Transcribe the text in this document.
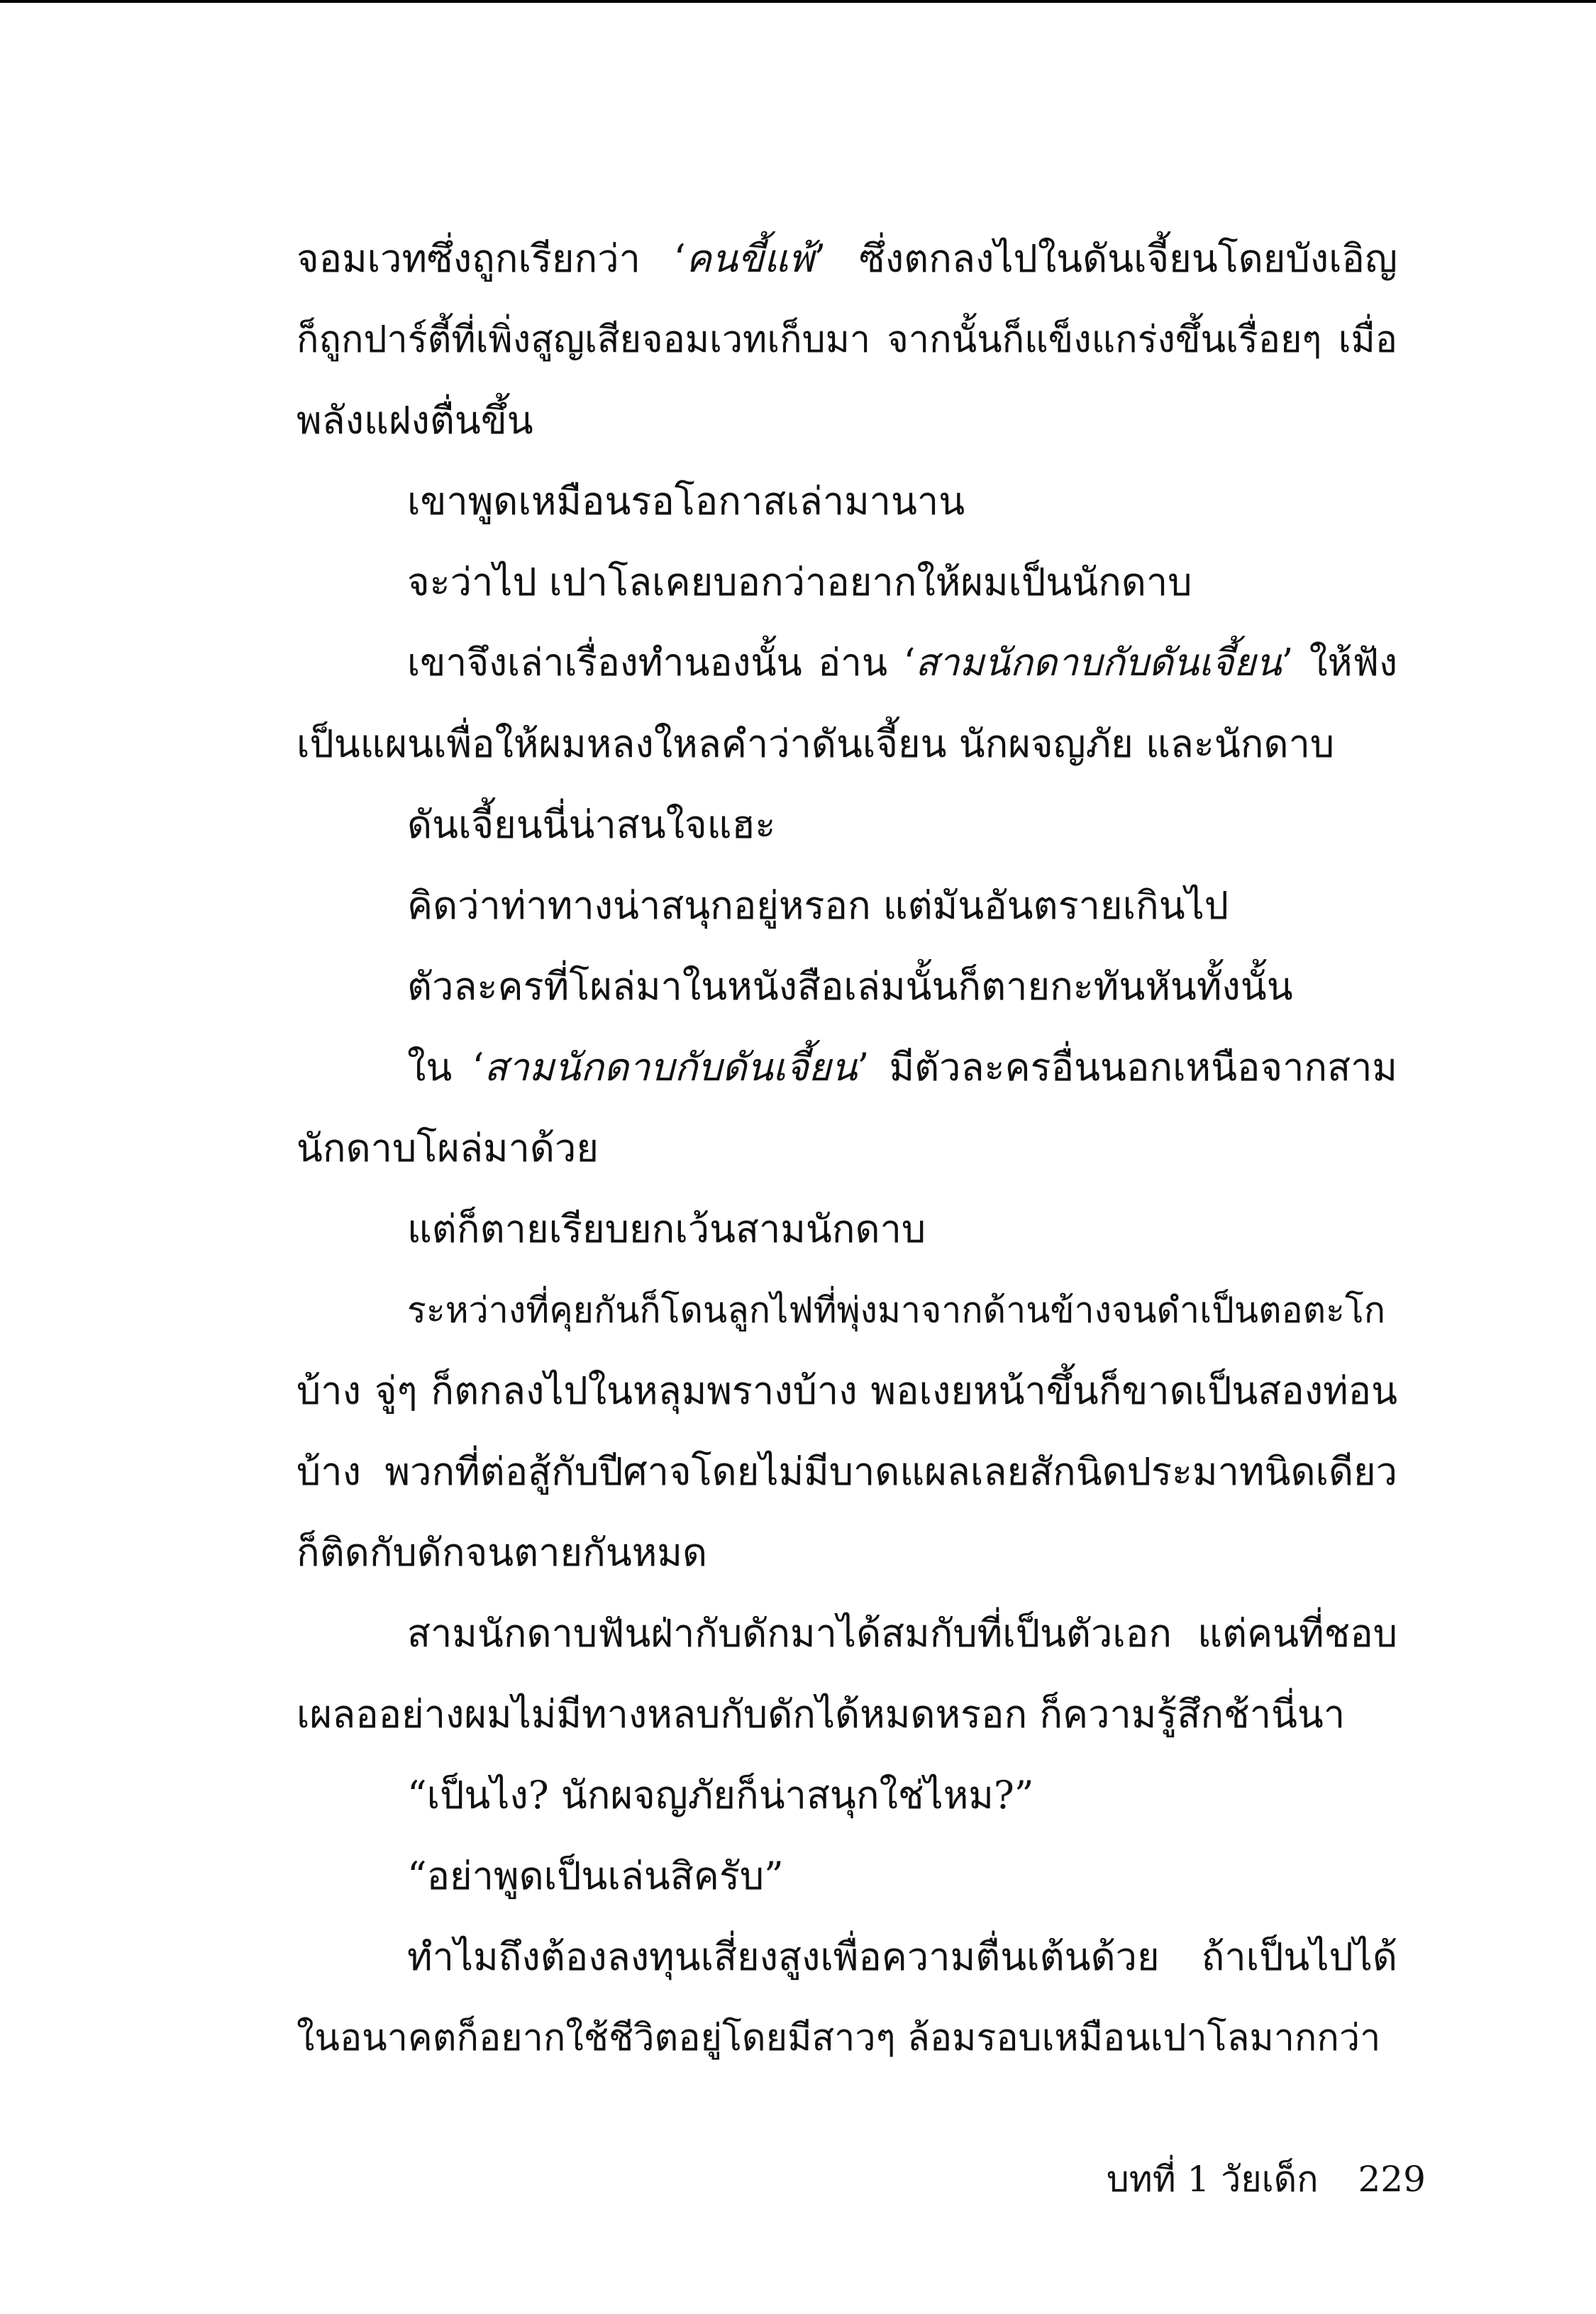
จอมเวทซึ่งถูกเรียกว่า ‘คนขี้แพ้’ ซึ่งตกลงไปในดันเจี้ยนโดยบังเอิญ
ก็ถูกปาร์ตี้ที่เพิ่งสูญเสียจอมเวทเก็บมา จากนั้นก็แข็งแกร่งขึ้นเรื่อยๆ เมื่อ
พลังแฝงตื่นขึ้น
เขาพูดเหมือนรอโอกาสเล่ามานาน
จะว่าไป เปาโลเคยบอกว่าอยากให้ผมเป็นนักดาบ
เขาจึงเล่าเรื่องทำนองนั้น อ่าน ‘สามนักดาบกับดันเจี้ยน’ ให้ฟัง
เป็นแผนเพื่อให้ผมหลงใหลคำว่าดันเจี้ยน นักผจญภัย และนักดาบ
ดันเจี้ยนนี่น่าสนใจแฮะ
คิดว่าท่าทางน่าสนุกอยู่หรอก แต่มันอันตรายเกินไป
ตัวละครที่โผล่มาในหนังสือเล่มนั้นก็ตายกะทันหันทั้งนั้น
ใน ‘สามนักดาบกับดันเจี้ยน’ มีตัวละครอื่นนอกเหนือจากสาม
นักดาบโผล่มาด้วย
แต่ก็ตายเรียบยกเว้นสามนักดาบ
ระหว่างที่คุยกันก็โดนลูกไฟที่พุ่งมาจากด้านข้างจนดำเป็นตอตะโก
บ้าง จู่ๆ ก็ตกลงไปในหลุมพรางบ้าง พอเงยหน้าขึ้นก็ขาดเป็นสองท่อน
บ้าง พวกที่ต่อสู้กับปีศาจโดยไม่มีบาดแผลเลยสักนิดประมาทนิดเดียว
ก็ติดกับดักจนตายกันหมด
สามนักดาบฟันฝ่ากับดักมาได้สมกับที่เป็นตัวเอก แต่คนที่ชอบ
เผลออย่างผมไม่มีทางหลบกับดักได้หมดหรอก ก็ความรู้สึกช้านี่นา
“เป็นไง? นักผจญภัยก็น่าสนุกใช่ไหม?”
“อย่าพูดเป็นเล่นสิครับ”
ทำไมถึงต้องลงทุนเสี่ยงสูงเพื่อความตื่นเต้นด้วย ถ้าเป็นไปได้
ในอนาคตก็อยากใช้ชีวิตอยู่โดยมีสาวๆ ล้อมรอบเหมือนเปาโลมากกว่า
บทที่ 1 วัยเด็ก 229
